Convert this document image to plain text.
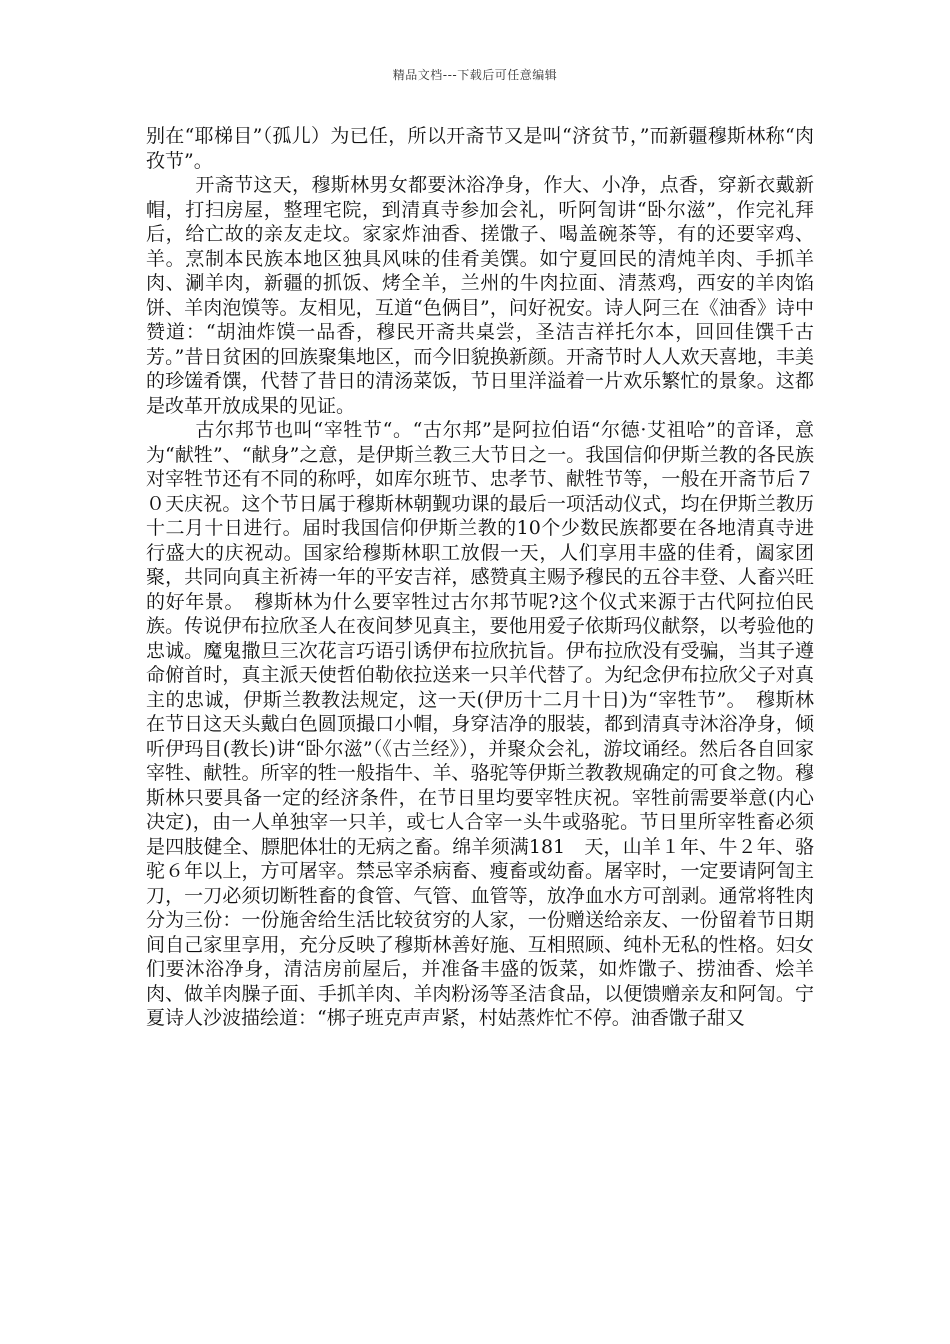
精品文档---下载后可任意编辑

别在“耶梯目”（孤儿）为已任，所以开斋节又是叫“济贫节，”而新疆穆斯林称“肉孜节”。

开斋节这天，穆斯林男女都要沐浴净身，作大、小净，点香，穿新衣戴新帽，打扫房屋，整理宅院，到清真寺参加会礼，听阿訇讲“卧尔滋”，作完礼拜后，给亡故的亲友走坟。家家炸油香、搓馓子、喝盖碗茶等，有的还要宰鸡、羊。烹制本民族本地区独具风味的佳肴美馔。如宁夏回民的清炖羊肉、手抓羊肉、涮羊肉，新疆的抓饭、烤全羊，兰州的牛肉拉面、清蒸鸡，西安的羊肉馅饼、羊肉泡馍等。友相见，互道“色俩目”，问好祝安。诗人阿三在《油香》诗中赞道：“胡油炸馍一品香，穆民开斋共桌尝，圣洁吉祥托尔本，回回佳馔千古芳。”昔日贫困的回族聚集地区，而今旧貌换新颜。开斋节时人人欢天喜地，丰美的珍馐肴馔，代替了昔日的清汤菜饭，节日里洋溢着一片欢乐繁忙的景象。这都是改革开放成果的见证。

古尔邦节也叫“宰牲节“。“古尔邦”是阿拉伯语“尔德·艾祖哈”的音译，意为“献牲”、“献身”之意，是伊斯兰教三大节日之一。我国信仰伊斯兰教的各民族对宰牲节还有不同的称呼，如库尔班节、忠孝节、献牲节等，一般在开斋节后７０天庆祝。这个节日属于穆斯林朝觐功课的最后一项活动仪式，均在伊斯兰教历十二月十日进行。届时我国信仰伊斯兰教的10个少数民族都要在各地清真寺进行盛大的庆祝动。国家给穆斯林职工放假一天，人们享用丰盛的佳肴，阖家团聚，共同向真主祈祷一年的平安吉祥，感赞真主赐予穆民的五谷丰登、人畜兴旺的好年景。　穆斯林为什么要宰牲过古尔邦节呢?这个仪式来源于古代阿拉伯民族。传说伊布拉欣圣人在夜间梦见真主，要他用爱子依斯玛仪献祭，以考验他的忠诚。魔鬼撒旦三次花言巧语引诱伊布拉欣抗旨。伊布拉欣没有受骗，当其子遵命俯首时，真主派天使哲伯勒依拉送来一只羊代替了。为纪念伊布拉欣父子对真主的忠诚，伊斯兰教教法规定，这一天(伊历十二月十日)为“宰牲节”。　穆斯林在节日这天头戴白色圆顶撮口小帽，身穿洁净的服装，都到清真寺沐浴净身，倾听伊玛目(教长)讲“卧尔滋”（《古兰经》），并聚众会礼，游坟诵经。然后各自回家宰牲、献牲。所宰的牲一般指牛、羊、骆驼等伊斯兰教教规确定的可食之物。穆斯林只要具备一定的经济条件，在节日里均要宰牲庆祝。宰牲前需要举意(内心决定)，由一人单独宰一只羊，或七人合宰一头牛或骆驼。节日里所宰牲畜必须是四肢健全、膘肥体壮的无病之畜。绵羊须满181　天，山羊１年、牛２年、骆驼６年以上，方可屠宰。禁忌宰杀病畜、瘦畜或幼畜。屠宰时，一定要请阿訇主刀，一刀必须切断牲畜的食管、气管、血管等，放净血水方可剖剥。通常将牲肉分为三份：一份施舍给生活比较贫穷的人家，一份赠送给亲友、一份留着节日期间自己家里享用，充分反映了穆斯林善好施、互相照顾、纯朴无私的性格。妇女们要沐浴净身，清洁房前屋后，并准备丰盛的饭菜，如炸馓子、捞油香、烩羊肉、做羊肉臊子面、手抓羊肉、羊肉粉汤等圣洁食品，以便馈赠亲友和阿訇。宁夏诗人沙波描绘道：“梆子班克声声紧，村姑蒸炸忙不停。油香馓子甜又
